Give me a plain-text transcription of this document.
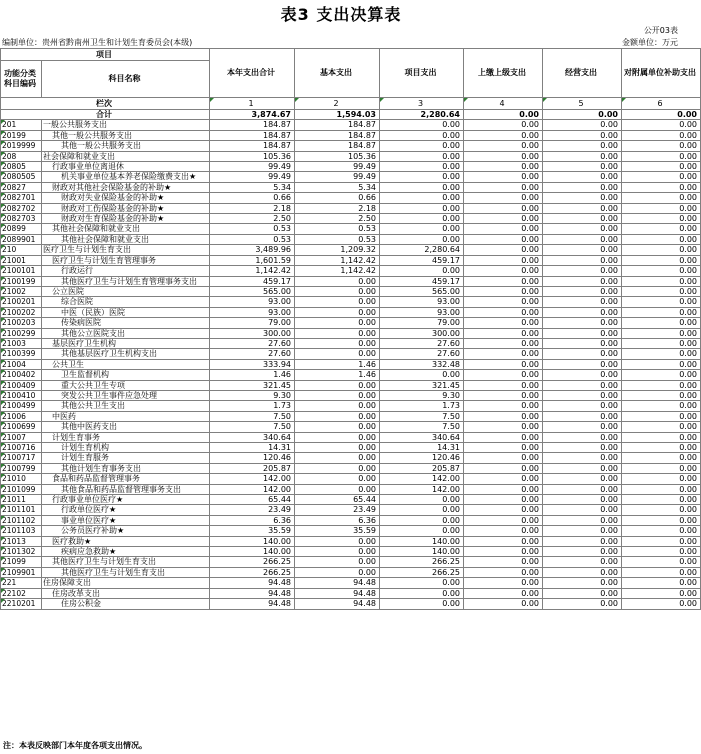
表3 支出决算表
公开03表
编制单位：贵州省黔南州卫生和计划生育委员会(本级)	金额单位：万元
项目		本年支出合计	基本支出	项目支出	上缴上级支出	经营支出	对附属单位补助支出
功能分类科目编码	科目名称						
栏次		1	2	3	4	5	6
合计		3,874.67	1,594.03	2,280.64	0.00	0.00	0.00
201	一般公共服务支出	184.87	184.87	0.00	0.00	0.00	0.00
20199	其他一般公共服务支出	184.87	184.87	0.00	0.00	0.00	0.00
2019999	其他一般公共服务支出	184.87	184.87	0.00	0.00	0.00	0.00
208	社会保障和就业支出	105.36	105.36	0.00	0.00	0.00	0.00
20805	行政事业单位离退休	99.49	99.49	0.00	0.00	0.00	0.00
2080505	机关事业单位基本养老保险缴费支出★	99.49	99.49	0.00	0.00	0.00	0.00
20827	财政对其他社会保险基金的补助★	5.34	5.34	0.00	0.00	0.00	0.00
2082701	财政对失业保险基金的补助★	0.66	0.66	0.00	0.00	0.00	0.00
2082702	财政对工伤保险基金的补助★	2.18	2.18	0.00	0.00	0.00	0.00
2082703	财政对生育保险基金的补助★	2.50	2.50	0.00	0.00	0.00	0.00
20899	其他社会保障和就业支出	0.53	0.53	0.00	0.00	0.00	0.00
2089901	其他社会保障和就业支出	0.53	0.53	0.00	0.00	0.00	0.00
210	医疗卫生与计划生育支出	3,489.96	1,209.32	2,280.64	0.00	0.00	0.00
21001	医疗卫生与计划生育管理事务	1,601.59	1,142.42	459.17	0.00	0.00	0.00
2100101	行政运行	1,142.42	1,142.42	0.00	0.00	0.00	0.00
2100199	其他医疗卫生与计划生育管理事务支出	459.17	0.00	459.17	0.00	0.00	0.00
21002	公立医院	565.00	0.00	565.00	0.00	0.00	0.00
2100201	综合医院	93.00	0.00	93.00	0.00	0.00	0.00
2100202	中医（民族）医院	93.00	0.00	93.00	0.00	0.00	0.00
2100203	传染病医院	79.00	0.00	79.00	0.00	0.00	0.00
2100299	其他公立医院支出	300.00	0.00	300.00	0.00	0.00	0.00
21003	基层医疗卫生机构	27.60	0.00	27.60	0.00	0.00	0.00
2100399	其他基层医疗卫生机构支出	27.60	0.00	27.60	0.00	0.00	0.00
21004	公共卫生	333.94	1.46	332.48	0.00	0.00	0.00
2100402	卫生监督机构	1.46	1.46	0.00	0.00	0.00	0.00
2100409	重大公共卫生专项	321.45	0.00	321.45	0.00	0.00	0.00
2100410	突发公共卫生事件应急处理	9.30	0.00	9.30	0.00	0.00	0.00
2100499	其他公共卫生支出	1.73	0.00	1.73	0.00	0.00	0.00
21006	中医药	7.50	0.00	7.50	0.00	0.00	0.00
2100699	其他中医药支出	7.50	0.00	7.50	0.00	0.00	0.00
21007	计划生育事务	340.64	0.00	340.64	0.00	0.00	0.00
2100716	计划生育机构	14.31	0.00	14.31	0.00	0.00	0.00
2100717	计划生育服务	120.46	0.00	120.46	0.00	0.00	0.00
2100799	其他计划生育事务支出	205.87	0.00	205.87	0.00	0.00	0.00
21010	食品和药品监督管理事务	142.00	0.00	142.00	0.00	0.00	0.00
2101099	其他食品和药品监督管理事务支出	142.00	0.00	142.00	0.00	0.00	0.00
21011	行政事业单位医疗★	65.44	65.44	0.00	0.00	0.00	0.00
2101101	行政单位医疗★	23.49	23.49	0.00	0.00	0.00	0.00
2101102	事业单位医疗★	6.36	6.36	0.00	0.00	0.00	0.00
2101103	公务员医疗补助★	35.59	35.59	0.00	0.00	0.00	0.00
21013	医疗救助★	140.00	0.00	140.00	0.00	0.00	0.00
2101302	疾病应急救助★	140.00	0.00	140.00	0.00	0.00	0.00
21099	其他医疗卫生与计划生育支出	266.25	0.00	266.25	0.00	0.00	0.00
2109901	其他医疗卫生与计划生育支出	266.25	0.00	266.25	0.00	0.00	0.00
221	住房保障支出	94.48	94.48	0.00	0.00	0.00	0.00
22102	住房改革支出	94.48	94.48	0.00	0.00	0.00	0.00
2210201	住房公积金	94.48	94.48	0.00	0.00	0.00	0.00
注：本表反映部门本年度各项支出情况。
